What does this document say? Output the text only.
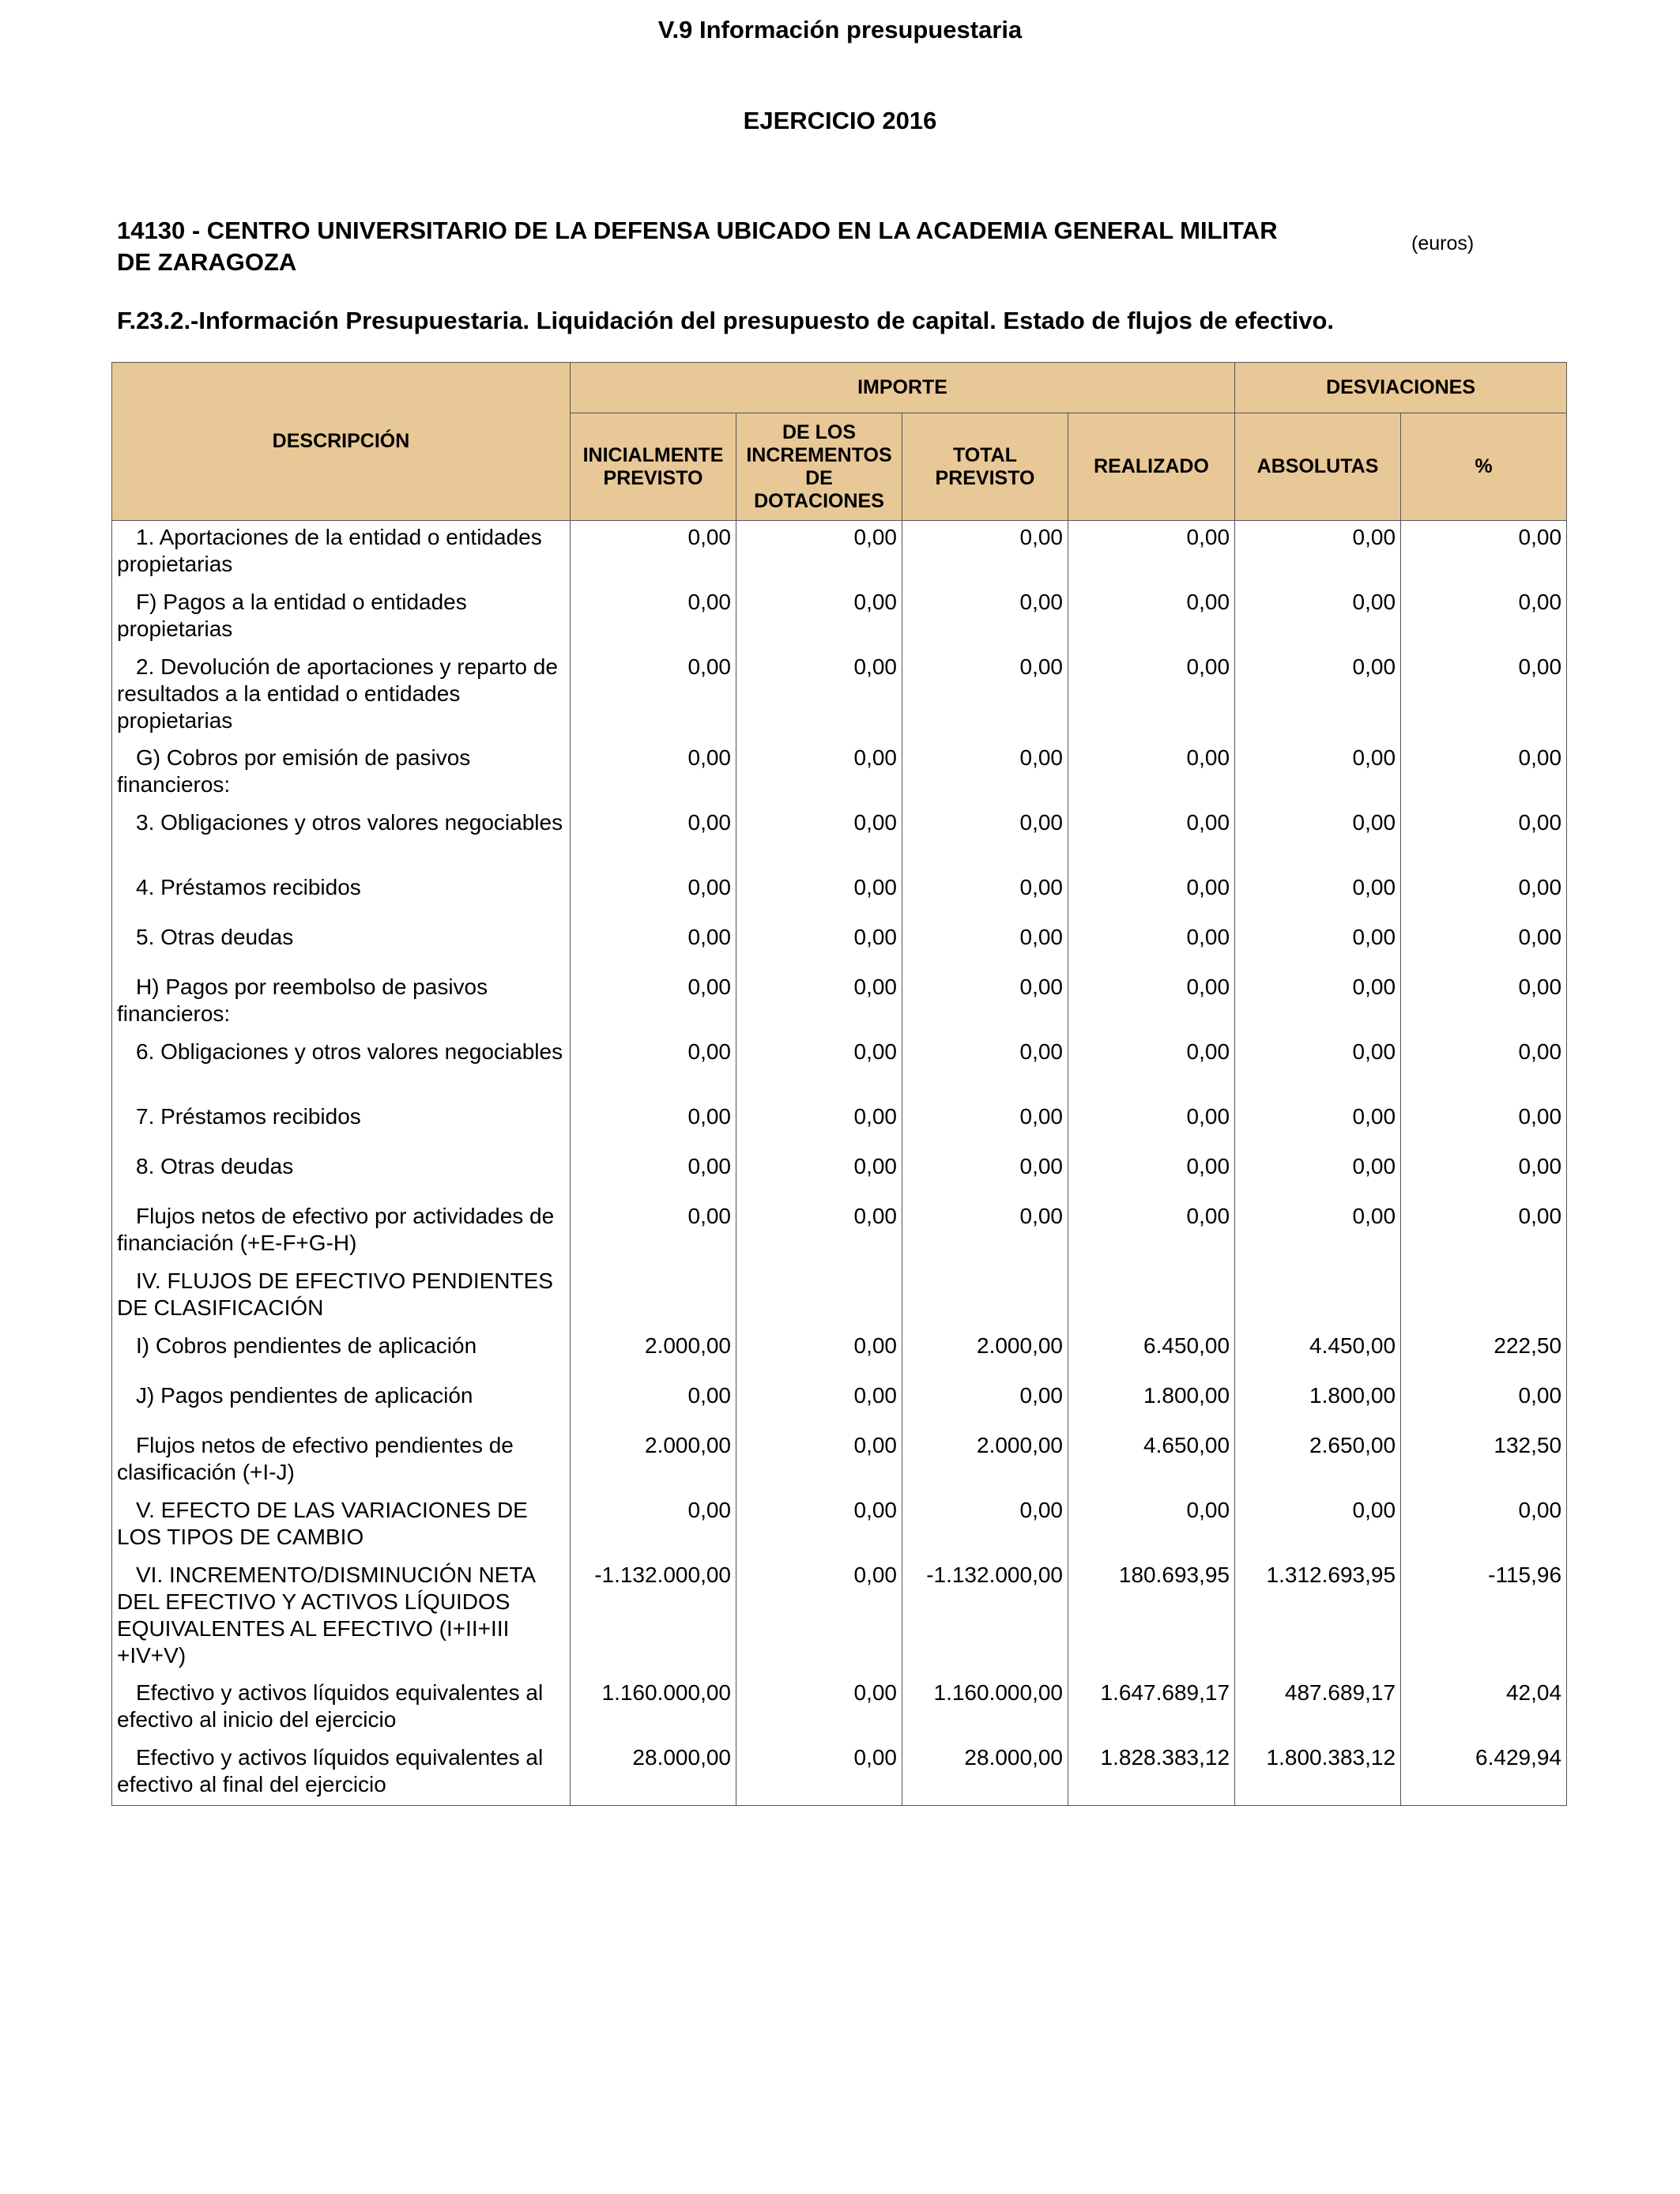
V.9 Información presupuestaria
EJERCICIO 2016
14130 - CENTRO UNIVERSITARIO DE LA DEFENSA UBICADO EN LA ACADEMIA GENERAL MILITAR DE ZARAGOZA
(euros)
F.23.2.-Información Presupuestaria. Liquidación del presupuesto de capital. Estado de flujos de efectivo.
DESCRIPCIÓN	IMPORTE				DESVIACIONES	
	INICIALMENTE PREVISTO	DE LOS INCREMENTOS DE DOTACIONES	TOTAL PREVISTO	REALIZADO	ABSOLUTAS	%
1. Aportaciones de la entidad o entidades propietarias	0,00	0,00	0,00	0,00	0,00	0,00
F) Pagos a la entidad o entidades propietarias	0,00	0,00	0,00	0,00	0,00	0,00
2. Devolución de aportaciones y reparto de resultados a la entidad o entidades propietarias	0,00	0,00	0,00	0,00	0,00	0,00
G) Cobros por emisión de pasivos financieros:	0,00	0,00	0,00	0,00	0,00	0,00
3. Obligaciones y otros valores negociables	0,00	0,00	0,00	0,00	0,00	0,00
4. Préstamos recibidos	0,00	0,00	0,00	0,00	0,00	0,00
5. Otras deudas	0,00	0,00	0,00	0,00	0,00	0,00
H) Pagos por reembolso de pasivos financieros:	0,00	0,00	0,00	0,00	0,00	0,00
6. Obligaciones y otros valores negociables	0,00	0,00	0,00	0,00	0,00	0,00
7. Préstamos recibidos	0,00	0,00	0,00	0,00	0,00	0,00
8. Otras deudas	0,00	0,00	0,00	0,00	0,00	0,00
Flujos netos de efectivo por actividades de financiación (+E-F+G-H)	0,00	0,00	0,00	0,00	0,00	0,00
IV. FLUJOS DE EFECTIVO PENDIENTES DE CLASIFICACIÓN						
I) Cobros pendientes de aplicación	2.000,00	0,00	2.000,00	6.450,00	4.450,00	222,50
J) Pagos pendientes de aplicación	0,00	0,00	0,00	1.800,00	1.800,00	0,00
Flujos netos de efectivo pendientes de clasificación (+I-J)	2.000,00	0,00	2.000,00	4.650,00	2.650,00	132,50
V. EFECTO DE LAS VARIACIONES DE LOS TIPOS DE CAMBIO	0,00	0,00	0,00	0,00	0,00	0,00
VI. INCREMENTO/DISMINUCIÓN NETA DEL EFECTIVO Y ACTIVOS LÍQUIDOS EQUIVALENTES AL EFECTIVO (I+II+III +IV+V)	-1.132.000,00	0,00	-1.132.000,00	180.693,95	1.312.693,95	-115,96
Efectivo y activos líquidos equivalentes al efectivo al inicio del ejercicio	1.160.000,00	0,00	1.160.000,00	1.647.689,17	487.689,17	42,04
Efectivo y activos líquidos equivalentes al efectivo al final del ejercicio	28.000,00	0,00	28.000,00	1.828.383,12	1.800.383,12	6.429,94
